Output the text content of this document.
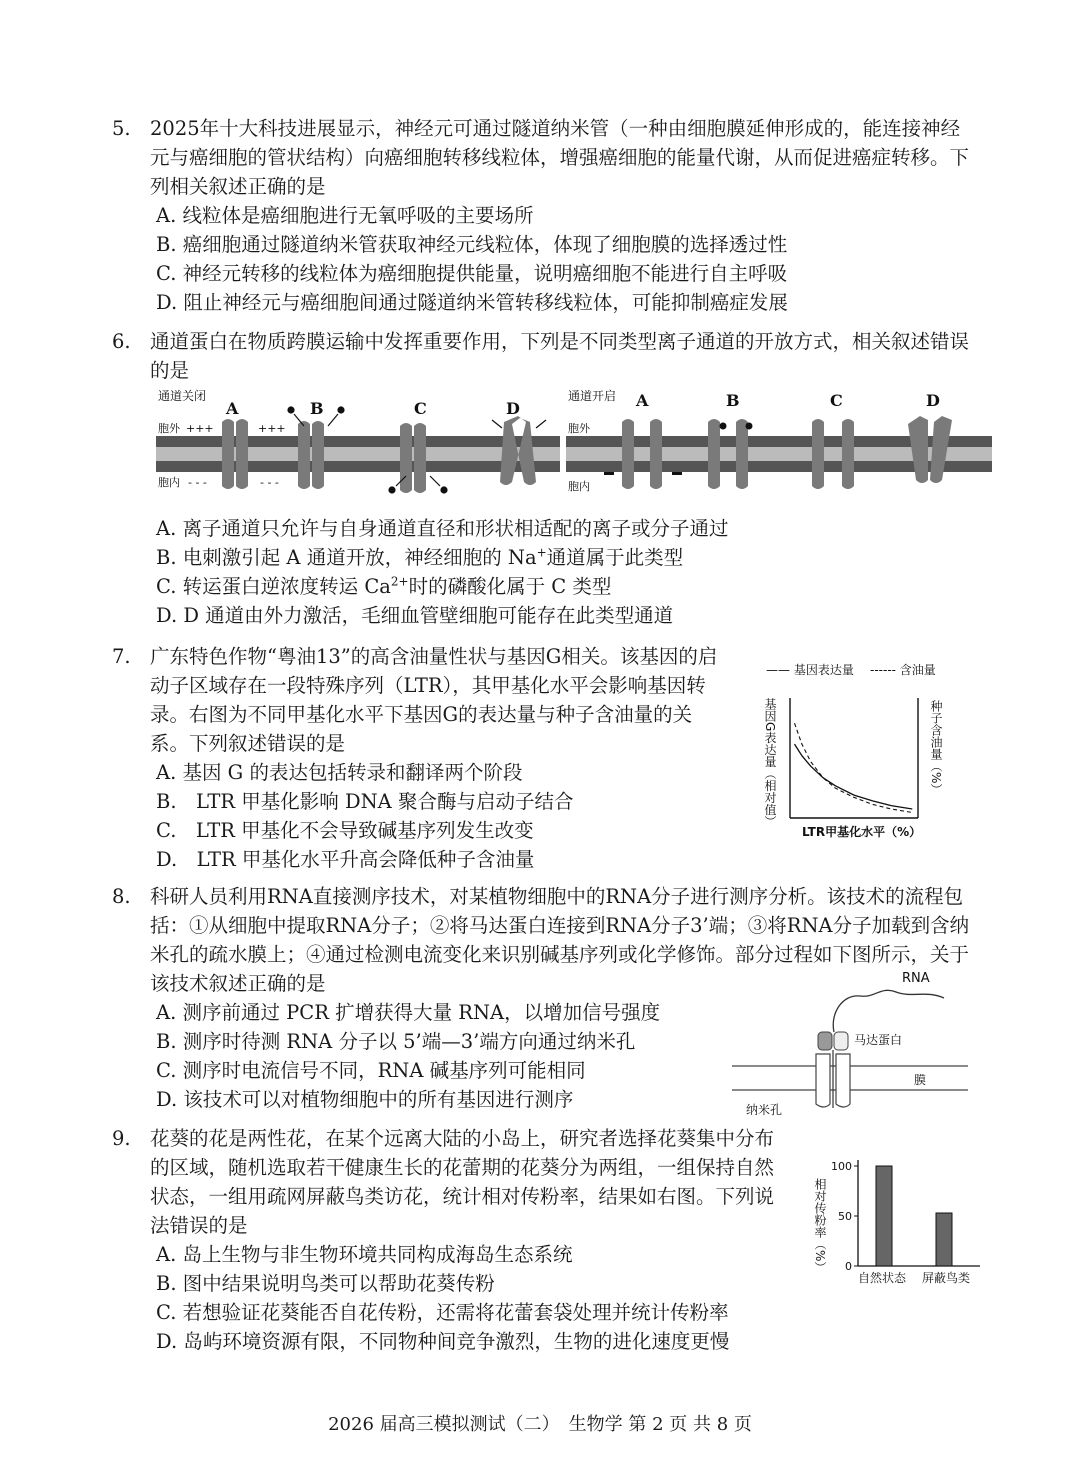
5. 2025年十大科技进展显示，神经元可通过隧道纳米管（一种由细胞膜延伸形成的，能连接神经元与癌细胞的管状结构）向癌细胞转移线粒体，增强癌细胞的能量代谢，从而促进癌症转移。下列相关叙述正确的是
A. 线粒体是癌细胞进行无氧呼吸的主要场所
B. 癌细胞通过隧道纳米管获取神经元线粒体，体现了细胞膜的选择透过性
C. 神经元转移的线粒体为癌细胞提供能量，说明癌细胞不能进行自主呼吸
D. 阻止神经元与癌细胞间通过隧道纳米管转移线粒体，可能抑制癌症发展
6. 通道蛋白在物质跨膜运输中发挥重要作用，下列是不同类型离子通道的开放方式，相关叙述错误的是
通道关闭
胞外
胞内
+++	+++
- - -	- - -
A	B	C	D
通道开启
胞外
胞内
A	B	C	D
A. 离子通道只允许与自身通道直径和形状相适配的离子或分子通过
B. 电刺激引起 A 通道开放，神经细胞的 Na+通道属于此类型
C. 转运蛋白逆浓度转运 $Ca^{2+}$时的磷酸化属于 C 类型
D. D 通道由外力激活，毛细血管壁细胞可能存在此类型通道
7. 广东特色作物“粤油13”的高含油量性状与基因G相关。该基因的启动子区域存在一段特殊序列（LTR），其甲基化水平会影响基因转录。右图为不同甲基化水平下基因G的表达量与种子含油量的关系。下列叙述错误的是
A. 基因 G 的表达包括转录和翻译两个阶段
B.　LTR 甲基化影响 DNA 聚合酶与启动子结合
C.　LTR 甲基化不会导致碱基序列发生改变
D.　LTR 甲基化水平升高会降低种子含油量
—— 基因表达量 ------ 含油量
基因G表达量（相对值）	种子含油量（%）
LTR甲基化水平（%）
8. 科研人员利用RNA直接测序技术，对某植物细胞中的RNA分子进行测序分析。该技术的流程包括：①从细胞中提取RNA分子；②将马达蛋白连接到RNA分子3’端；③将RNA分子加载到含纳米孔的疏水膜上；④通过检测电流变化来识别碱基序列或化学修饰。部分过程如下图所示，关于该技术叙述正确的是
A. 测序前通过 PCR 扩增获得大量 RNA，以增加信号强度
B. 测序时待测 RNA 分子以 5’端—3’端方向通过纳米孔
C. 测序时电流信号不同，RNA 碱基序列可能相同
D. 该技术可以对植物细胞中的所有基因进行测序
RNA
马达蛋白
膜
纳米孔
9. 花葵的花是两性花，在某个远离大陆的小岛上，研究者选择花葵集中分布的区域，随机选取若干健康生长的花蕾期的花葵分为两组，一组保持自然状态，一组用疏网屏蔽鸟类访花，统计相对传粉率，结果如右图。下列说法错误的是
A. 岛上生物与非生物环境共同构成海岛生态系统
B. 图中结果说明鸟类可以帮助花葵传粉
C. 若想验证花葵能否自花传粉，还需将花蕾套袋处理并统计传粉率
D. 岛屿环境资源有限，不同物种间竞争激烈，生物的进化速度更慢
相对传粉率（%） 0
50
100
自然状态 屏蔽鸟类
2026 届高三模拟测试（二）　生物学 第 2 页 共 8 页
